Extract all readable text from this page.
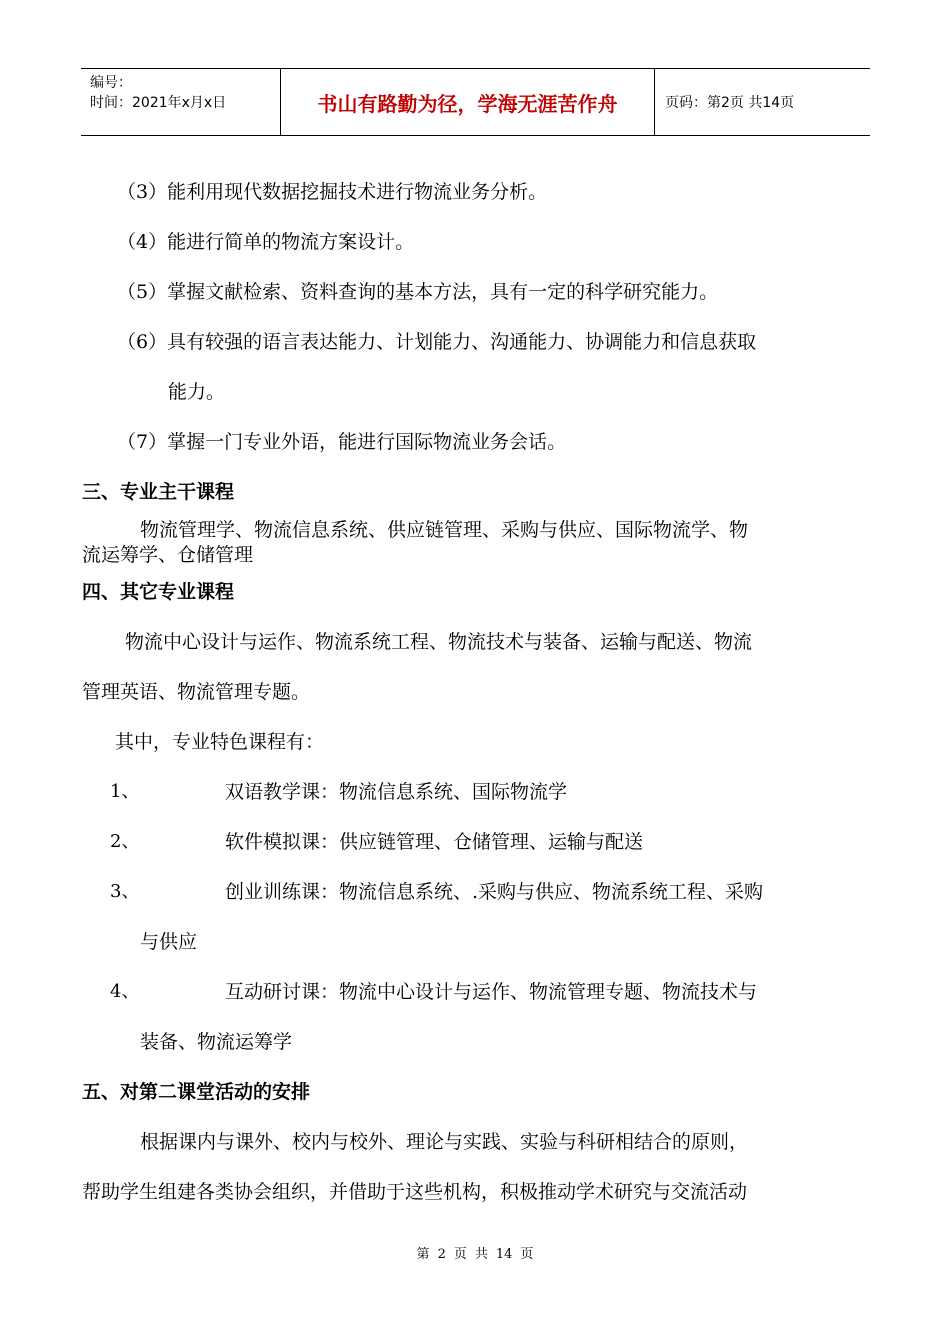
编号：
时间：2021年x月x日	书山有路勤为径，学海无涯苦作舟	页码：第2页 共14页
（3）能利用现代数据挖掘技术进行物流业务分析。
（4）能进行简单的物流方案设计。
（5）掌握文献检索、资料查询的基本方法，具有一定的科学研究能力。
（6）具有较强的语言表达能力、计划能力、沟通能力、协调能力和信息获取
能力。
（7）掌握一门专业外语，能进行国际物流业务会话。
三、专业主干课程
物流管理学、物流信息系统、供应链管理、采购与供应、国际物流学、物
流运筹学、仓储管理
四、其它专业课程
物流中心设计与运作、物流系统工程、物流技术与装备、运输与配送、物流
管理英语、物流管理专题。
其中，专业特色课程有：
1、	双语教学课：物流信息系统、国际物流学
2、	软件模拟课：供应链管理、仓储管理、运输与配送
3、	创业训练课：物流信息系统、.采购与供应、物流系统工程、采购
与供应
4、	互动研讨课：物流中心设计与运作、物流管理专题、物流技术与
装备、物流运筹学
五、对第二课堂活动的安排
根据课内与课外、校内与校外、理论与实践、实验与科研相结合的原则，
帮助学生组建各类协会组织，并借助于这些机构，积极推动学术研究与交流活动
第 2 页 共 14 页
